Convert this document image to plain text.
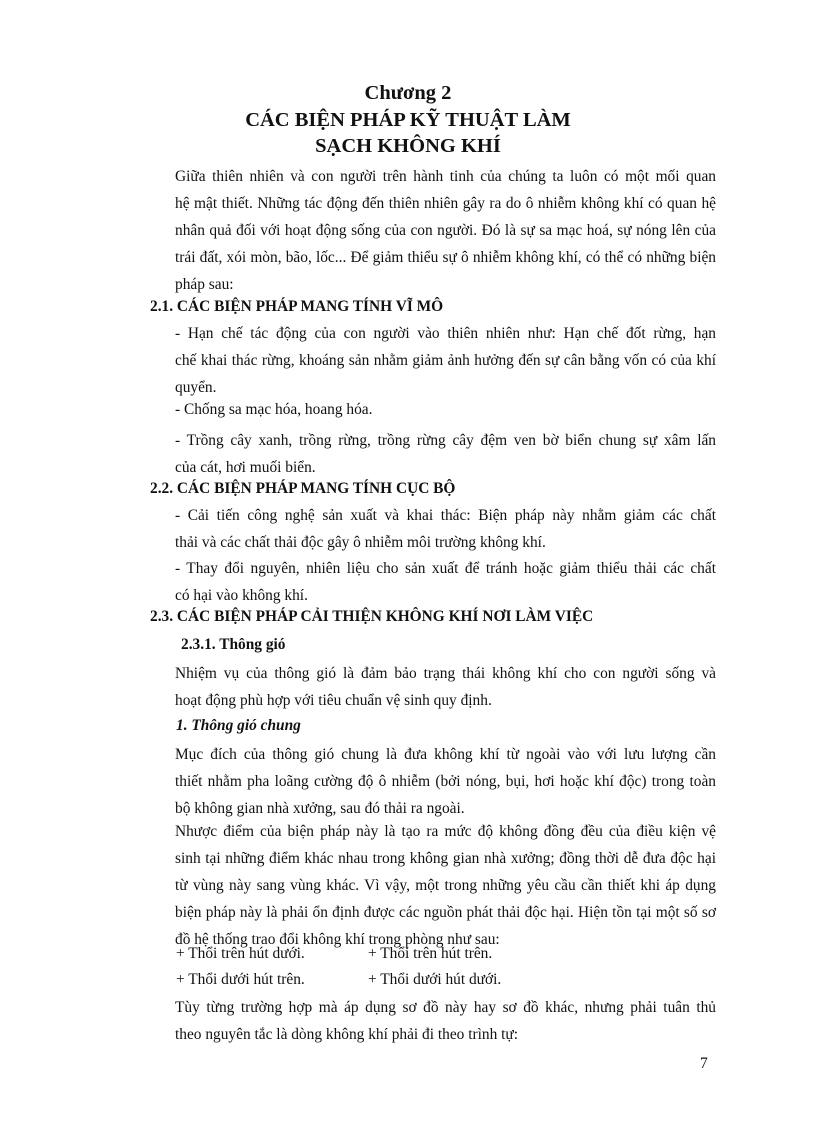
Chương 2
CÁC BIỆN PHÁP KỸ THUẬT LÀM
SẠCH KHÔNG KHÍ

Giữa thiên nhiên và con người trên hành tinh của chúng ta luôn có một mối quan
hệ mật thiết. Những tác động đến thiên nhiên gây ra do ô nhiễm không khí có quan hệ
nhân quả đối với hoạt động sống của con người. Đó là sự sa mạc hoá, sự nóng lên của
trái đất, xói mòn, bão, lốc... Để giảm thiểu sự ô nhiễm không khí, có thể có những biện
pháp sau:

2.1. CÁC BIỆN PHÁP MANG TÍNH VĨ MÔ

- Hạn chế tác động của con người vào thiên nhiên như: Hạn chế đốt rừng, hạn
chế khai thác rừng, khoáng sản nhằm giảm ảnh hưởng đến sự cân bằng vốn có của khí
quyển.

- Chống sa mạc hóa, hoang hóa.

- Trồng cây xanh, trồng rừng, trồng rừng cây đệm ven bờ biển chung sự xâm lấn
của cát, hơi muối biển.

2.2. CÁC BIỆN PHÁP MANG TÍNH CỤC BỘ

- Cải tiến công nghệ sản xuất và khai thác: Biện pháp này nhằm giảm các chất
thải và các chất thải độc gây ô nhiễm môi trường không khí.

- Thay đổi nguyên, nhiên liệu cho sản xuất để tránh hoặc giảm thiểu thải các chất
có hại vào không khí.

2.3. CÁC BIỆN PHÁP CẢI THIỆN KHÔNG KHÍ NƠI LÀM VIỆC
2.3.1. Thông gió

Nhiệm vụ của thông gió là đảm bảo trạng thái không khí cho con người sống và
hoạt động phù hợp với tiêu chuẩn vệ sinh quy định.

1. Thông gió chung

Mục đích của thông gió chung là đưa không khí từ ngoài vào với lưu lượng cần
thiết nhằm pha loãng cường độ ô nhiễm (bởi nóng, bụi, hơi hoặc khí độc) trong toàn
bộ không gian nhà xưởng, sau đó thải ra ngoài.

Nhược điểm của biện pháp này là tạo ra mức độ không đồng đều của điều kiện vệ
sinh tại những điểm khác nhau trong không gian nhà xưởng; đồng thời dễ đưa độc hại
từ vùng này sang vùng khác. Vì vậy, một trong những yêu cầu cần thiết khi áp dụng
biện pháp này là phải ổn định được các nguồn phát thải độc hại. Hiện tồn tại một số sơ
đồ hệ thống trao đổi không khí trong phòng như sau:

+ Thổi trên hút dưới.	+ Thổi trên hút trên.
+ Thổi dưới hút trên.	+ Thổi dưới hút dưới.

Tùy từng trường hợp mà áp dụng sơ đồ này hay sơ đồ khác, nhưng phải tuân thủ
theo nguyên tắc là dòng không khí phải đi theo trình tự:

7
